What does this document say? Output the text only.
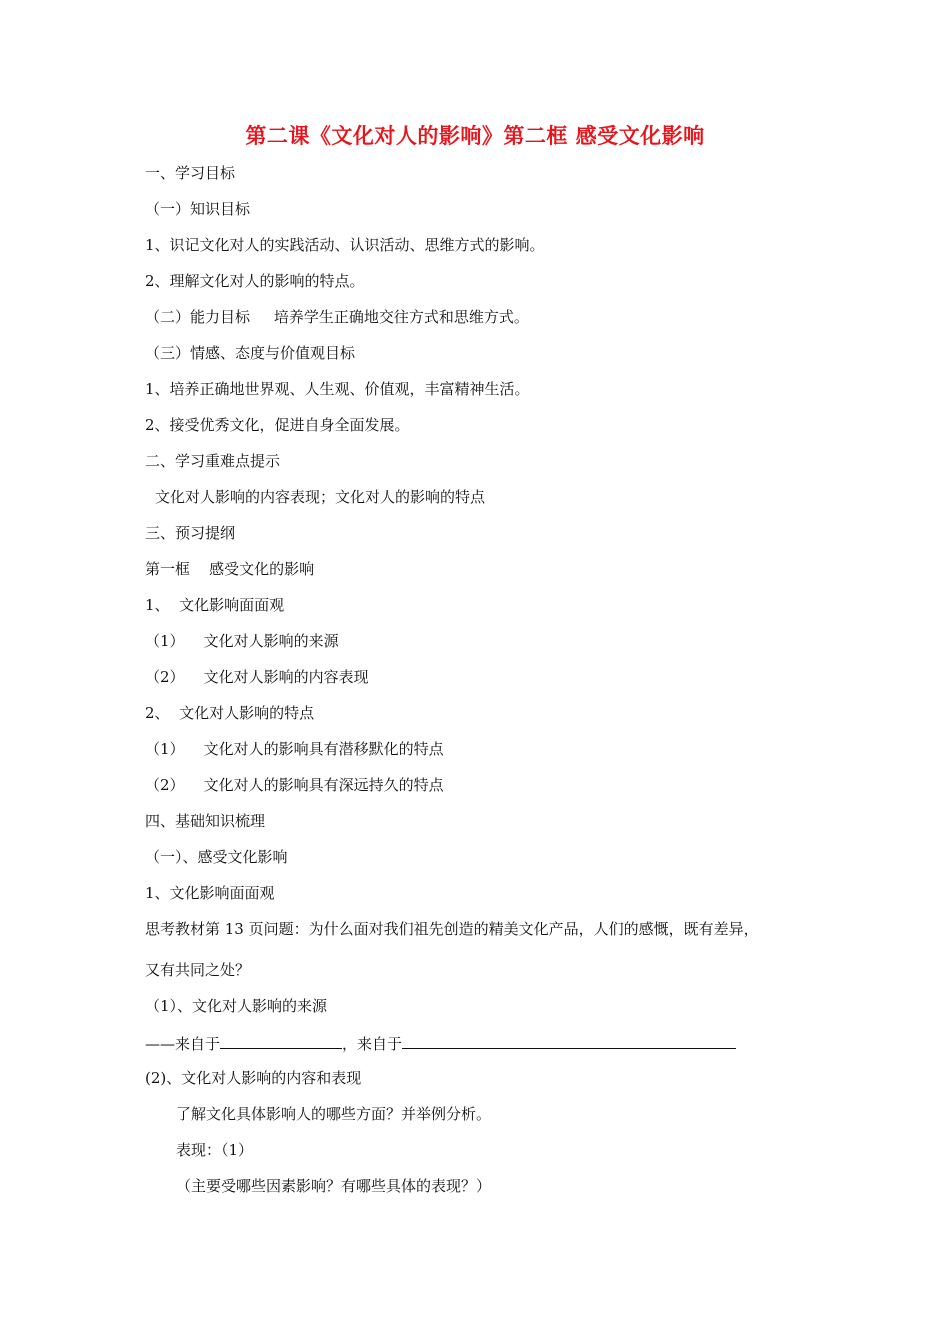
第二课《文化对人的影响》第二框 感受文化影响
一、学习目标
（一）知识目标
1、识记文化对人的实践活动、认识活动、思维方式的影响。
2、理解文化对人的影响的特点。
（二）能力目标     培养学生正确地交往方式和思维方式。
（三）情感、态度与价值观目标
1、培养正确地世界观、人生观、价值观，丰富精神生活。
2、接受优秀文化，促进自身全面发展。
二、学习重难点提示
文化对人影响的内容表现；文化对人的影响的特点
三、预习提纲
第一框    感受文化的影响
1、  文化影响面面观
（1）    文化对人影响的来源
（2）    文化对人影响的内容表现
2、  文化对人影响的特点
（1）    文化对人的影响具有潜移默化的特点
（2）    文化对人的影响具有深远持久的特点
四、基础知识梳理
（一）、感受文化影响
1、文化影响面面观
思考教材第 13 页问题：为什么面对我们祖先创造的精美文化产品，人们的感慨，既有差异，
又有共同之处？
（1）、文化对人影响的来源
——来自于	，来自于
(2)、文化对人影响的内容和表现
了解文化具体影响人的哪些方面？并举例分析。
表现：（1）
（主要受哪些因素影响？有哪些具体的表现？）
